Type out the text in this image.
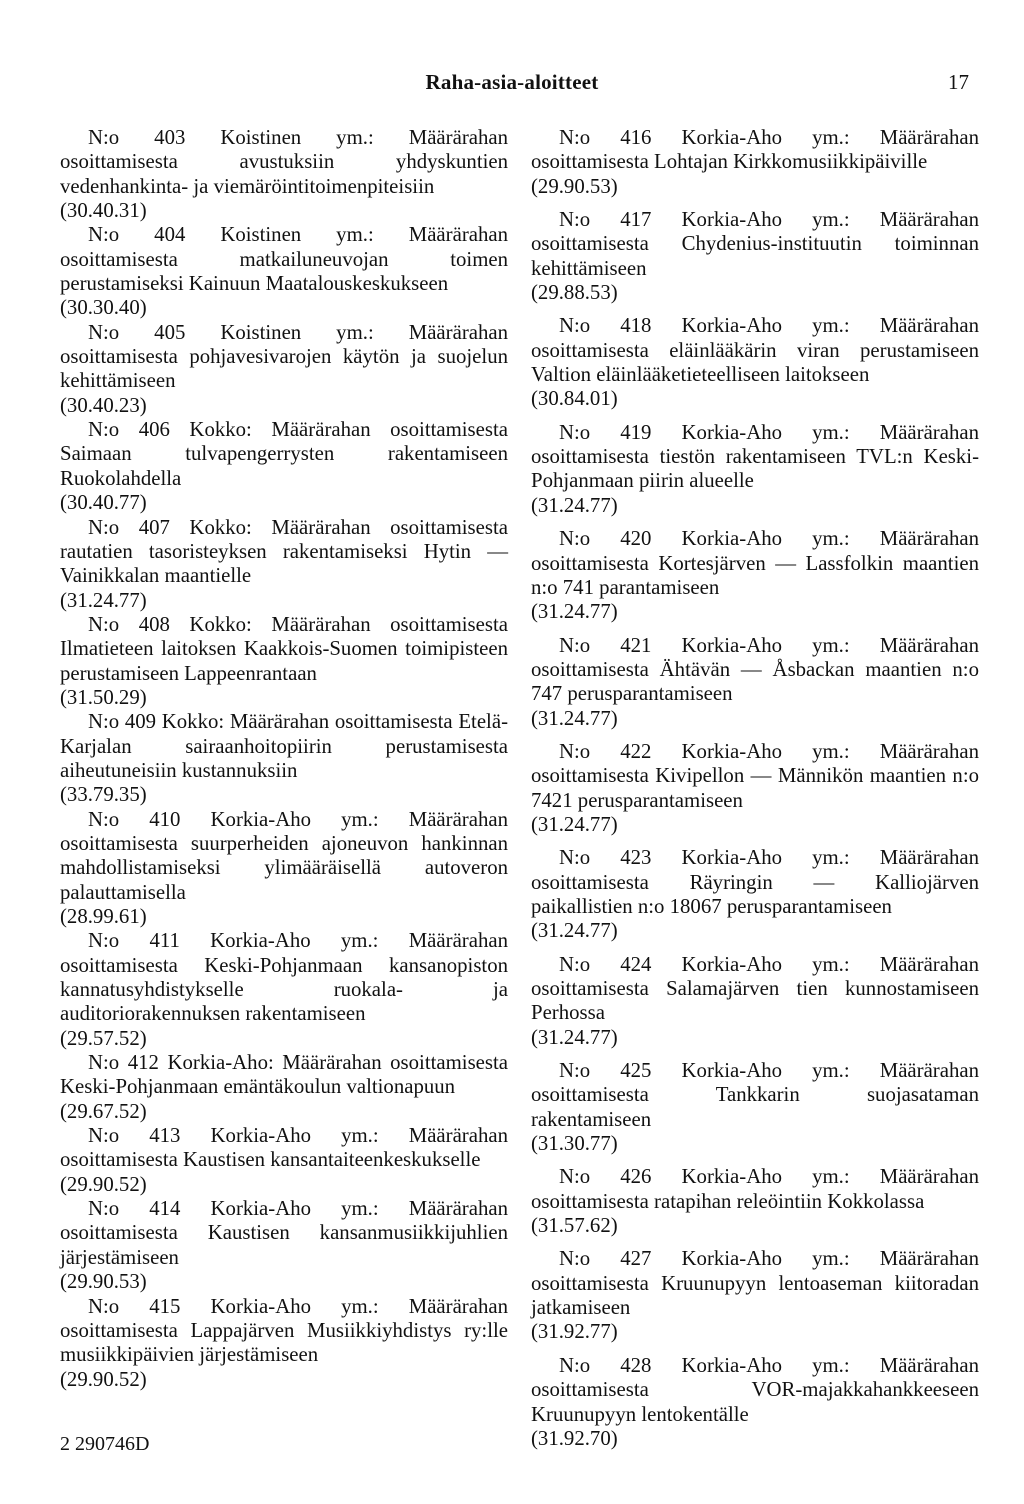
Raha-asia-aloitteet	17
N:o 403 Koistinen ym.: Määrärahan osoittamisesta avustuksiin yhdyskuntien vedenhankinta- ja viemäröintitoimenpiteisiin
(30.40.31)
N:o 404 Koistinen ym.: Määrärahan osoittamisesta matkailuneuvojan toimen perustamiseksi Kainuun Maatalouskeskukseen
(30.30.40)
N:o 405 Koistinen ym.: Määrärahan osoittamisesta pohjavesivarojen käytön ja suojelun kehittämiseen
(30.40.23)
N:o 406 Kokko: Määrärahan osoittamisesta Saimaan tulvapengerrysten rakentamiseen Ruokolahdella
(30.40.77)
N:o 407 Kokko: Määrärahan osoittamisesta rautatien tasoristeyksen rakentamiseksi Hytin — Vainikkalan maantielle
(31.24.77)
N:o 408 Kokko: Määrärahan osoittamisesta Ilmatieteen laitoksen Kaakkois-Suomen toimipisteen perustamiseen Lappeenrantaan
(31.50.29)
N:o 409 Kokko: Määrärahan osoittamisesta Etelä-Karjalan sairaanhoitopiirin perustamisesta aiheutuneisiin kustannuksiin
(33.79.35)
N:o 410 Korkia-Aho ym.: Määrärahan osoittamisesta suurperheiden ajoneuvon hankinnan mahdollistamiseksi ylimääräisellä autoveron palauttamisella
(28.99.61)
N:o 411 Korkia-Aho ym.: Määrärahan osoittamisesta Keski-Pohjanmaan kansanopiston kannatusyhdistykselle ruokala- ja auditoriorakennuksen rakentamiseen
(29.57.52)
N:o 412 Korkia-Aho: Määrärahan osoittamisesta Keski-Pohjanmaan emäntäkoulun valtionapuun
(29.67.52)
N:o 413 Korkia-Aho ym.: Määrärahan osoittamisesta Kaustisen kansantaiteenkeskukselle
(29.90.52)
N:o 414 Korkia-Aho ym.: Määrärahan osoittamisesta Kaustisen kansanmusiikkijuhlien järjestämiseen
(29.90.53)
N:o 415 Korkia-Aho ym.: Määrärahan osoittamisesta Lappajärven Musiikkiyhdistys ry:lle musiikkipäivien järjestämiseen
(29.90.52)
N:o 416 Korkia-Aho ym.: Määrärahan osoittamisesta Lohtajan Kirkkomusiikkipäiville
(29.90.53)
N:o 417 Korkia-Aho ym.: Määrärahan osoittamisesta Chydenius-instituutin toiminnan kehittämiseen
(29.88.53)
N:o 418 Korkia-Aho ym.: Määrärahan osoittamisesta eläinlääkärin viran perustamiseen Valtion eläinlääketieteelliseen laitokseen
(30.84.01)
N:o 419 Korkia-Aho ym.: Määrärahan osoittamisesta tiestön rakentamiseen TVL:n Keski-Pohjanmaan piirin alueelle
(31.24.77)
N:o 420 Korkia-Aho ym.: Määrärahan osoittamisesta Kortesjärven — Lassfolkin maantien n:o 741 parantamiseen
(31.24.77)
N:o 421 Korkia-Aho ym.: Määrärahan osoittamisesta Ähtävän — Åsbackan maantien n:o 747 perusparantamiseen
(31.24.77)
N:o 422 Korkia-Aho ym.: Määrärahan osoittamisesta Kivipellon — Männikön maantien n:o 7421 perusparantamiseen
(31.24.77)
N:o 423 Korkia-Aho ym.: Määrärahan osoittamisesta Räyringin — Kalliojärven paikallistien n:o 18067 perusparantamiseen
(31.24.77)
N:o 424 Korkia-Aho ym.: Määrärahan osoittamisesta Salamajärven tien kunnostamiseen Perhossa
(31.24.77)
N:o 425 Korkia-Aho ym.: Määrärahan osoittamisesta Tankkarin suojasataman rakentamiseen
(31.30.77)
N:o 426 Korkia-Aho ym.: Määrärahan osoittamisesta ratapihan releöintiin Kokkolassa
(31.57.62)
N:o 427 Korkia-Aho ym.: Määrärahan osoittamisesta Kruunupyyn lentoaseman kiitoradan jatkamiseen
(31.92.77)
N:o 428 Korkia-Aho ym.: Määrärahan osoittamisesta VOR-majakkahankkeeseen Kruunupyyn lentokentälle
(31.92.70)
2 290746D
